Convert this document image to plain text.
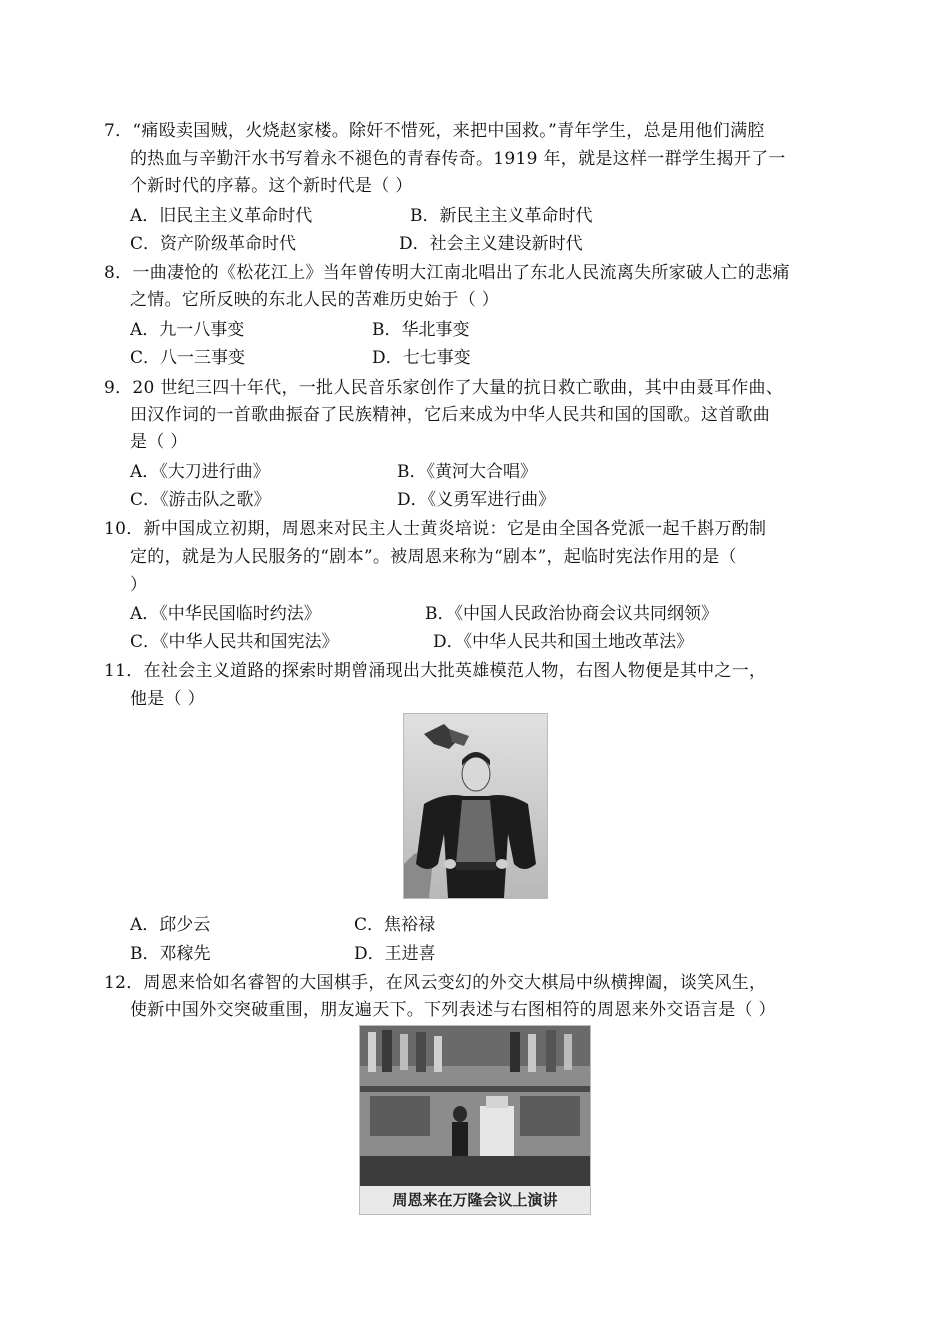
7．“痛殴卖国贼，火烧赵家楼。除奸不惜死，来把中国救。”青年学生，总是用他们满腔
的热血与辛勤汗水书写着永不褪色的青春传奇。1919 年，就是这样一群学生揭开了一
个新时代的序幕。这个新时代是（ ）
A．旧民主主义革命时代	B．新民主主义革命时代
C．资产阶级革命时代	D．社会主义建设新时代
8．一曲凄怆的《松花江上》当年曾传明大江南北唱出了东北人民流离失所家破人亡的悲痛
之情。它所反映的东北人民的苦难历史始于（ ）
A．九一八事变	B．华北事变
C．八一三事变	D．七七事变
9．20 世纪三四十年代，一批人民音乐家创作了大量的抗日救亡歌曲，其中由聂耳作曲、
田汉作词的一首歌曲振奋了民族精神，它后来成为中华人民共和国的国歌。这首歌曲
是（ ）
A．《大刀进行曲》	B．《黄河大合唱》
C．《游击队之歌》	D．《义勇军进行曲》
10．新中国成立初期，周恩来对民主人士黄炎培说：它是由全国各党派一起千斟万酌制
定的，就是为人民服务的“剧本”。被周恩来称为“剧本”，起临时宪法作用的是（
）
A．《中华民国临时约法》	B．《中国人民政治协商会议共同纲领》
C．《中华人民共和国宪法》	D．《中华人民共和国土地改革法》
11．在社会主义道路的探索时期曾涌现出大批英雄模范人物，右图人物便是其中之一，
他是（ ）
A．邱少云	C．焦裕禄
B．邓稼先	D．王进喜
12．周恩来恰如名睿智的大国棋手，在风云变幻的外交大棋局中纵横捭阖，谈笑风生，
使新中国外交突破重围，朋友遍天下。下列表述与右图相符的周恩来外交语言是（ ）
周恩来在万隆会议上演讲
